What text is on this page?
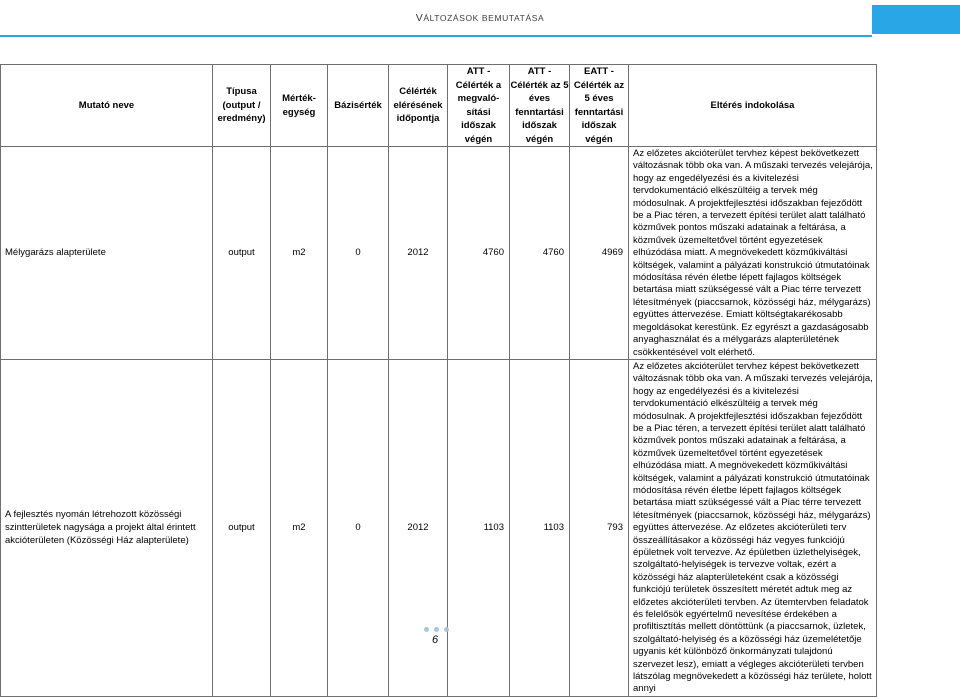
VÁLTOZÁSOK BEMUTATÁSA
Mutató neve	Típusa (output / eredmény)	Mérték-egység	Bázisérték	Célérték elérésének időpontja	ATT - Célérték a megvaló-sítási időszak végén	ATT - Célérték az 5 éves fenntartási időszak végén	EATT - Célérték az 5 éves fenntartási időszak végén	Eltérés indokolása
Mélygarázs alapterülete	output	m2	0	2012	4760	4760	4969	Az előzetes akcióterület tervhez képest bekövetkezett változásnak több oka van. A műszaki tervezés velejárója, hogy az engedélyezési és a kivitelezési tervdokumentáció elkészültéig a tervek még módosulnak. A projektfejlesztési időszakban fejeződött be a Piac téren, a tervezett építési terület alatt található közművek pontos műszaki adatainak a feltárása, a közművek üzemeltetővel történt egyezetések elhúzódása miatt. A megnövekedett közműkiváltási költségek, valamint a pályázati konstrukció útmutatóinak módosítása révén életbe lépett fajlagos költségek betartása miatt szükségessé vált a Piac térre tervezett létesítmények (piaccsarnok, közösségi ház, mélygarázs) együttes áttervezése. Emiatt költségtakarékosabb megoldásokat kerestünk. Ez egyrészt a gazdaságosabb anyaghasználat és a mélygarázs alapterületének csökkentésével volt elérhető.
A fejlesztés nyomán létrehozott közösségi szintterületek nagysága a projekt által érintett akcióterületen (Közösségi Ház alapterülete)	output	m2	0	2012	1103	1103	793	Az előzetes akcióterület tervhez képest bekövetkezett változásnak több oka van. A műszaki tervezés velejárója, hogy az engedélyezési és a kivitelezési tervdokumentáció elkészültéig a tervek még módosulnak. A projektfejlesztési időszakban fejeződött be a Piac téren, a tervezett építési terület alatt található közművek pontos műszaki adatainak a feltárása, a közművek üzemeltetővel történt egyezetések elhúzódása miatt. A megnövekedett közműkiváltási költségek, valamint a pályázati konstrukció útmutatóinak módosítása révén életbe lépett fajlagos költségek betartása miatt szükségessé vált a Piac térre tervezett létesítmények (piaccsarnok, közösségi ház, mélygarázs) együttes áttervezése. Az előzetes akcióterületi terv összeállításakor a közösségi ház vegyes funkciójú épületnek volt tervezve. Az épületben üzlethelyiségek, szolgáltató-helyiségek is tervezve voltak, ezért a közösségi ház alapterületeként csak a közösségi funkciójú területek összesített méretét adtuk meg az előzetes akcióterületi tervben. Az ütemtervben feladatok és felelősök egyértelmű nevesítése érdekében a profiltisztítás mellett döntöttünk (a piaccsarnok, üzletek, szolgáltató-helyiség és a közösségi ház üzemelétetője ugyanis két különböző önkormányzati tulajdonú szervezet lesz), emiatt a végleges akcióterületi tervben látszólag megnövekedett a közösségi ház területe, holott annyi
6
